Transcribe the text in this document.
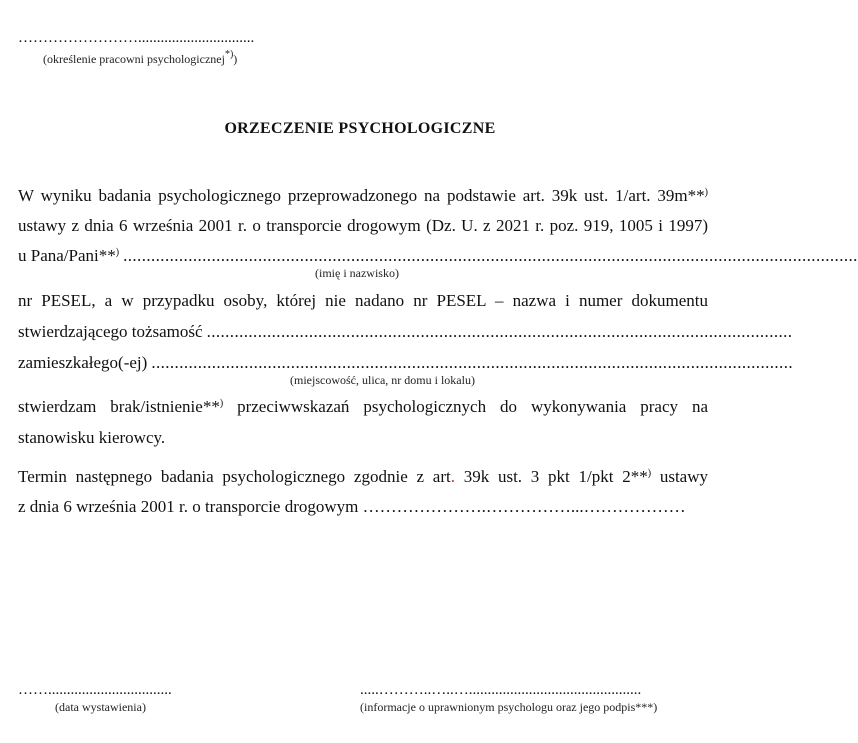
……………………...............................
(określenie pracowni psychologicznej*))
ORZECZENIE PSYCHOLOGICZNE
W wyniku badania psychologicznego przeprowadzonego na podstawie art. 39k ust. 1/art. 39m**)
ustawy z dnia 6 września 2001 r. o transporcie drogowym (Dz. U. z 2021 r. poz. 919, 1005 i 1997)
u Pana/Pani**) ..............................................................................................................................................................
(imię i nazwisko)
nr PESEL, a w przypadku osoby, której nie nadano nr PESEL – nazwa i numer dokumentu
stwierdzającego tożsamość ..............................................................................................................................
zamieszkałego(-ej) ..........................................................................................................................................
(miejscowość, ulica, nr domu i lokalu)
stwierdzam brak/istnienie**) przeciwwskazań psychologicznych do wykonywania pracy na
stanowisku kierowcy.
Termin następnego badania psychologicznego zgodnie z art. 39k ust. 3 pkt 1/pkt 2**) ustawy
z dnia 6 września 2001 r. o transporcie drogowym ………………….……………...………………
…….................................
(data wystawienia)
.....………..…..…..............................................
(informacje o uprawnionym psychologu oraz jego podpis***)
